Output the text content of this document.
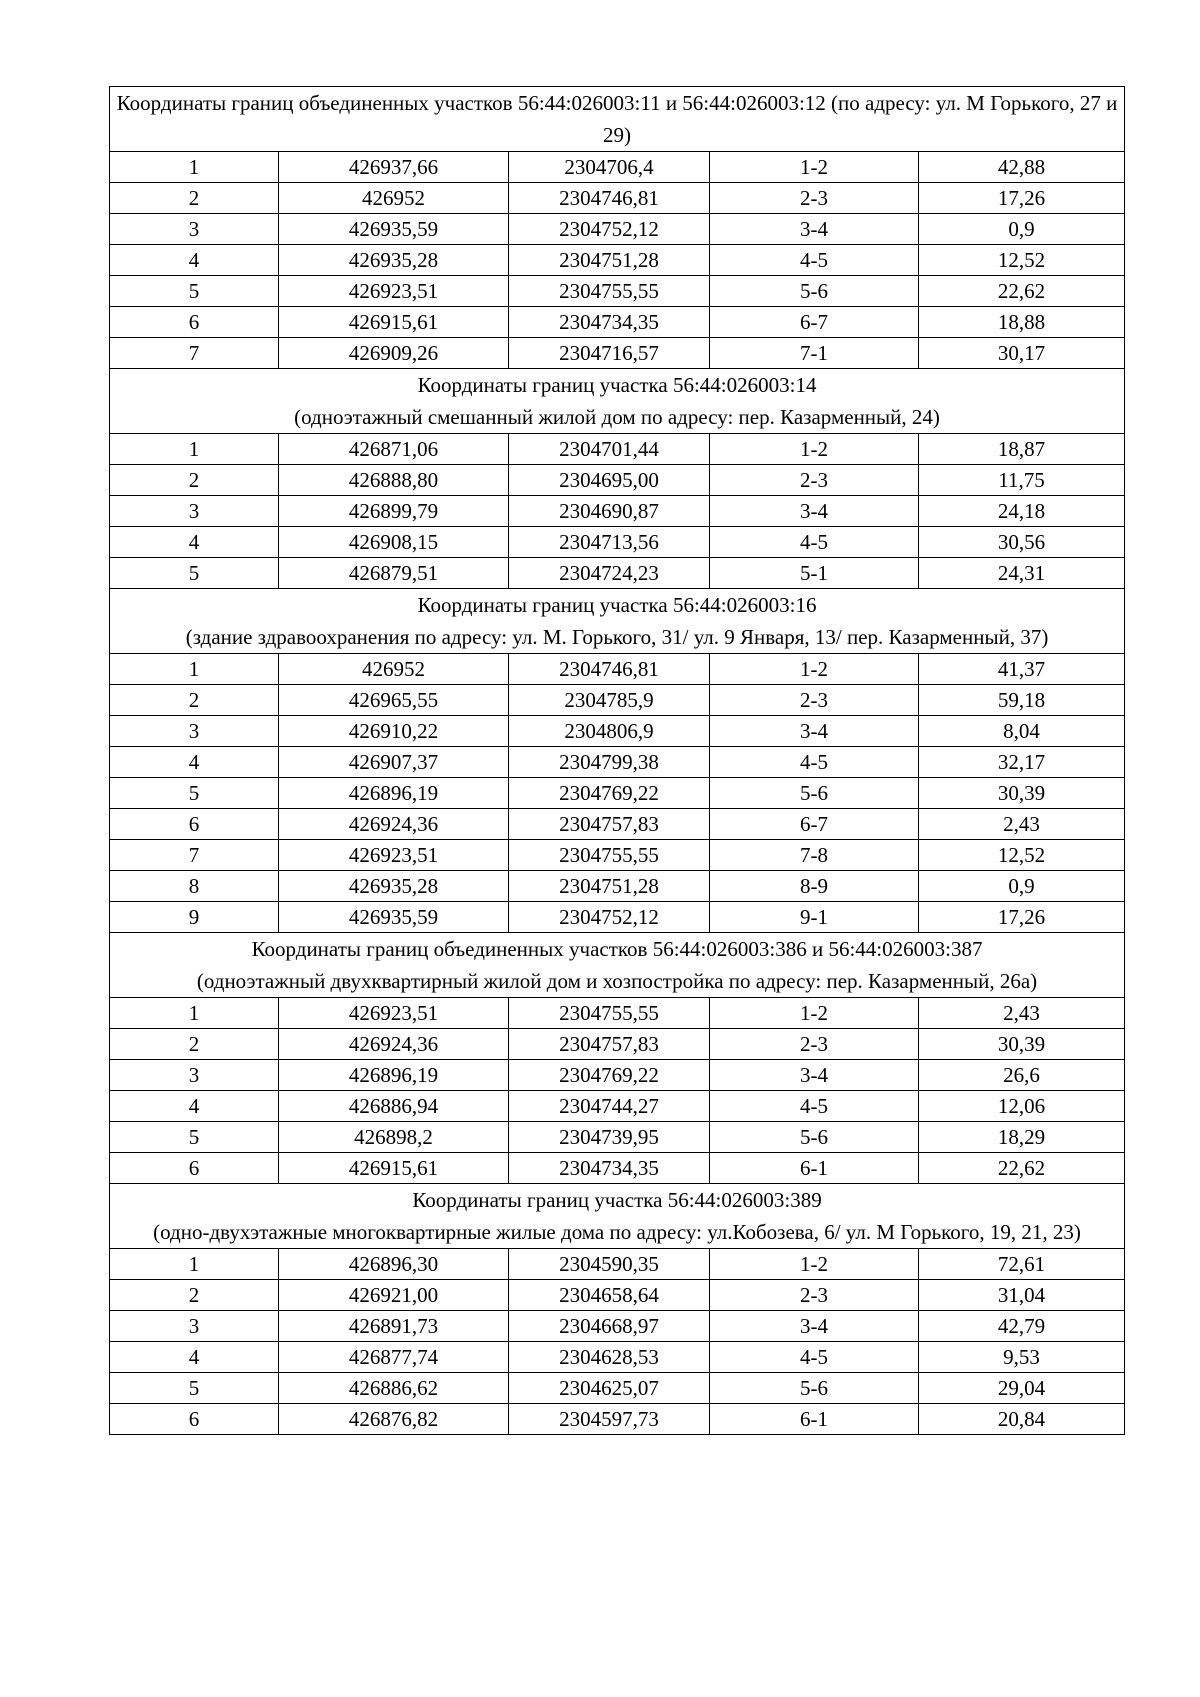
Координаты границ объединенных участков 56:44:026003:11 и 56:44:026003:12 (по адресу: ул. М Горького, 27 и 29)				

1	426937,66	2304706,4	1-2	42,88
2	426952	2304746,81	2-3	17,26
3	426935,59	2304752,12	3-4	0,9
4	426935,28	2304751,28	4-5	12,52
5	426923,51	2304755,55	5-6	22,62
6	426915,61	2304734,35	6-7	18,88
7	426909,26	2304716,57	7-1	30,17

Координаты границ участка 56:44:026003:14
(одноэтажный смешанный жилой дом по адресу: пер. Казарменный, 24)				

1	426871,06	2304701,44	1-2	18,87
2	426888,80	2304695,00	2-3	11,75
3	426899,79	2304690,87	3-4	24,18
4	426908,15	2304713,56	4-5	30,56
5	426879,51	2304724,23	5-1	24,31

Координаты границ участка 56:44:026003:16
(здание здравоохранения по адресу: ул. М. Горького, 31/ ул. 9 Января, 13/ пер. Казарменный, 37)				

1	426952	2304746,81	1-2	41,37
2	426965,55	2304785,9	2-3	59,18
3	426910,22	2304806,9	3-4	8,04
4	426907,37	2304799,38	4-5	32,17
5	426896,19	2304769,22	5-6	30,39
6	426924,36	2304757,83	6-7	2,43
7	426923,51	2304755,55	7-8	12,52
8	426935,28	2304751,28	8-9	0,9
9	426935,59	2304752,12	9-1	17,26

Координаты границ объединенных участков 56:44:026003:386 и 56:44:026003:387
(одноэтажный двухквартирный жилой дом и хозпостройка по адресу: пер. Казарменный, 26а)				

1	426923,51	2304755,55	1-2	2,43
2	426924,36	2304757,83	2-3	30,39
3	426896,19	2304769,22	3-4	26,6
4	426886,94	2304744,27	4-5	12,06
5	426898,2	2304739,95	5-6	18,29
6	426915,61	2304734,35	6-1	22,62

Координаты границ участка 56:44:026003:389
(одно-двухэтажные многоквартирные жилые дома по адресу: ул.Кобозева, 6/ ул. М Горького, 19, 21, 23)				

1	426896,30	2304590,35	1-2	72,61
2	426921,00	2304658,64	2-3	31,04
3	426891,73	2304668,97	3-4	42,79
4	426877,74	2304628,53	4-5	9,53
5	426886,62	2304625,07	5-6	29,04
6	426876,82	2304597,73	6-1	20,84
